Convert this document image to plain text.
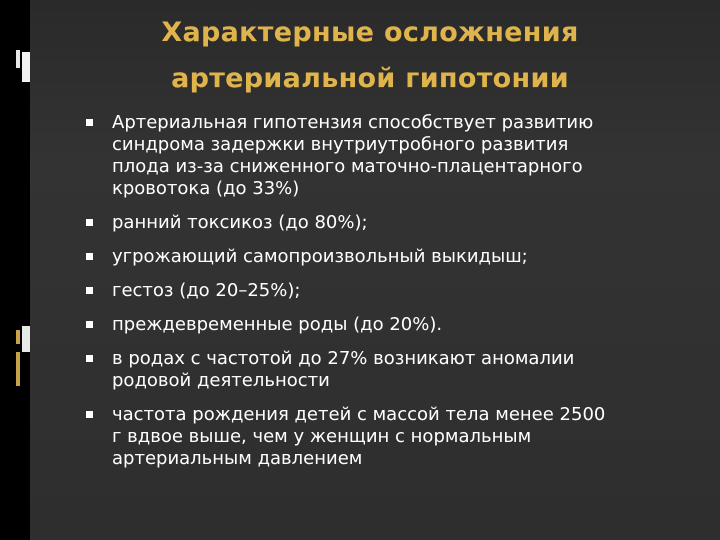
Характерные осложнения
артериальной гипотонии
Артериальная гипотензия способствует развитию
синдрома задержки внутриутробного развития
плода из-за сниженного маточно-плацентарного
кровотока (до 33%)
ранний токсикоз (до 80%);
угрожающий самопроизвольный выкидыш;
гестоз (до 20–25%);
преждевременные роды (до 20%).
в родах с частотой до 27% возникают аномалии
родовой деятельности
частота рождения детей с массой тела менее 2500
г вдвое выше, чем у женщин с нормальным
артериальным давлением
